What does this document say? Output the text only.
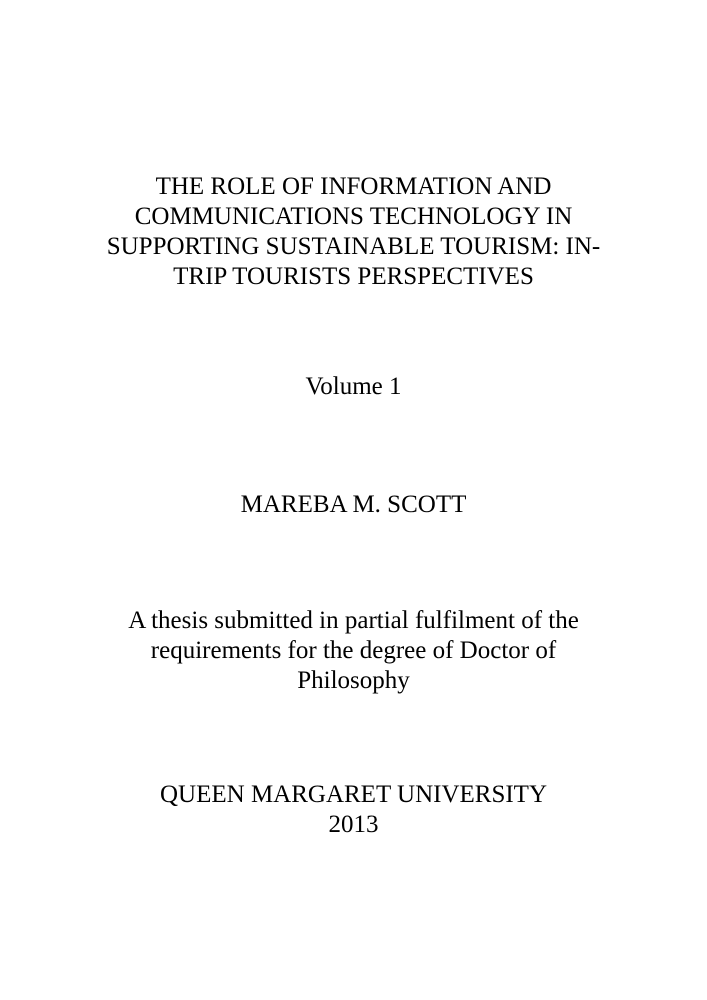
THE ROLE OF INFORMATION AND
COMMUNICATIONS TECHNOLOGY IN
SUPPORTING SUSTAINABLE TOURISM: IN-
TRIP TOURISTS PERSPECTIVES
Volume 1
MAREBA M. SCOTT
A thesis submitted in partial fulfilment of the
requirements for the degree of Doctor of
Philosophy
QUEEN MARGARET UNIVERSITY
2013
